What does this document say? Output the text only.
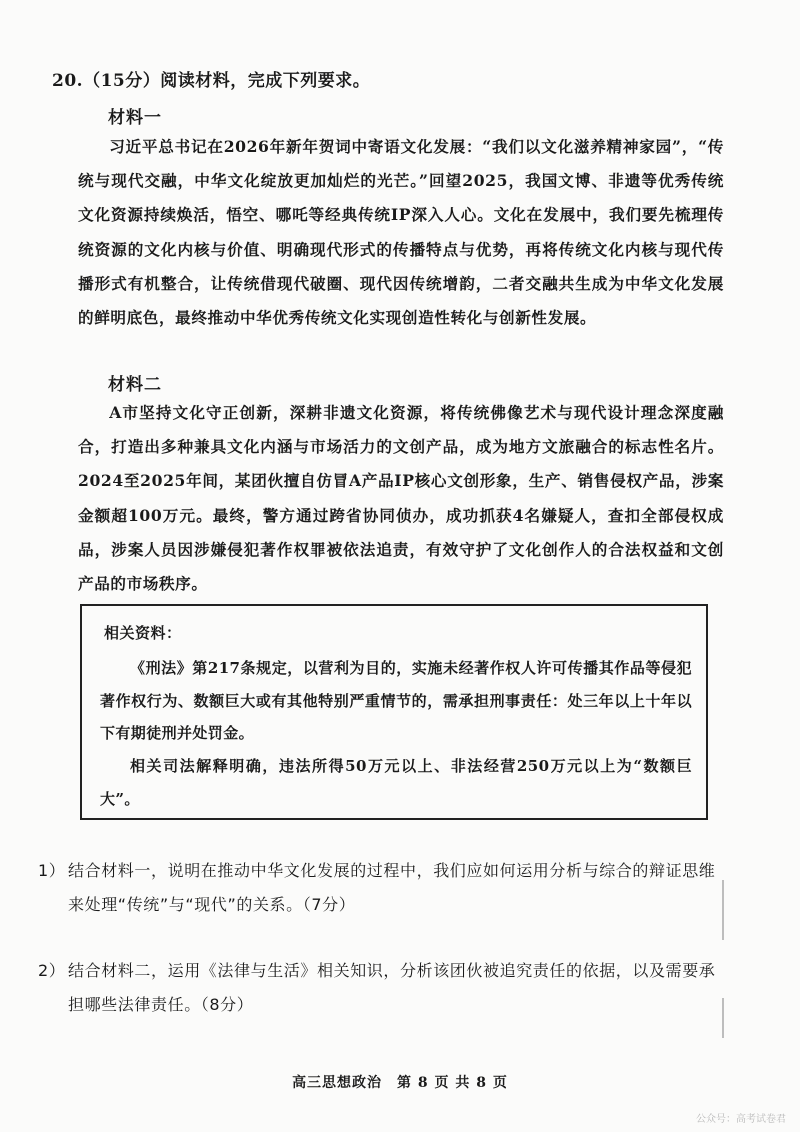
20.（15分）阅读材料，完成下列要求。
材料一
习近平总书记在2026年新年贺词中寄语文化发展：“我们以文化滋养精神家园”，“传统与现代交融，中华文化绽放更加灿烂的光芒。”回望2025，我国文博、非遗等优秀传统文化资源持续焕活，悟空、哪吒等经典传统IP深入人心。文化在发展中，我们要先梳理传统资源的文化内核与价值、明确现代形式的传播特点与优势，再将传统文化内核与现代传播形式有机整合，让传统借现代破圈、现代因传统增韵，二者交融共生成为中华文化发展的鲜明底色，最终推动中华优秀传统文化实现创造性转化与创新性发展。
材料二
A市坚持文化守正创新，深耕非遗文化资源，将传统佛像艺术与现代设计理念深度融合，打造出多种兼具文化内涵与市场活力的文创产品，成为地方文旅融合的标志性名片。2024至2025年间，某团伙擅自仿冒A产品IP核心文创形象，生产、销售侵权产品，涉案金额超100万元。最终，警方通过跨省协同侦办，成功抓获4名嫌疑人，查扣全部侵权成品，涉案人员因涉嫌侵犯著作权罪被依法追责，有效守护了文化创作人的合法权益和文创产品的市场秩序。
相关资料：
《刑法》第217条规定，以营利为目的，实施未经著作权人许可传播其作品等侵犯著作权行为、数额巨大或有其他特别严重情节的，需承担刑事责任：处三年以上十年以下有期徒刑并处罚金。
相关司法解释明确，违法所得50万元以上、非法经营250万元以上为“数额巨大”。
1） 结合材料一，说明在推动中华文化发展的过程中，我们应如何运用分析与综合的辩证思维来处理“传统”与“现代”的关系。（7分）
2） 结合材料二，运用《法律与生活》相关知识，分析该团伙被追究责任的依据，以及需要承担哪些法律责任。（8分）
高三思想政治　第 8 页 共 8 页
公众号：高考试卷君
